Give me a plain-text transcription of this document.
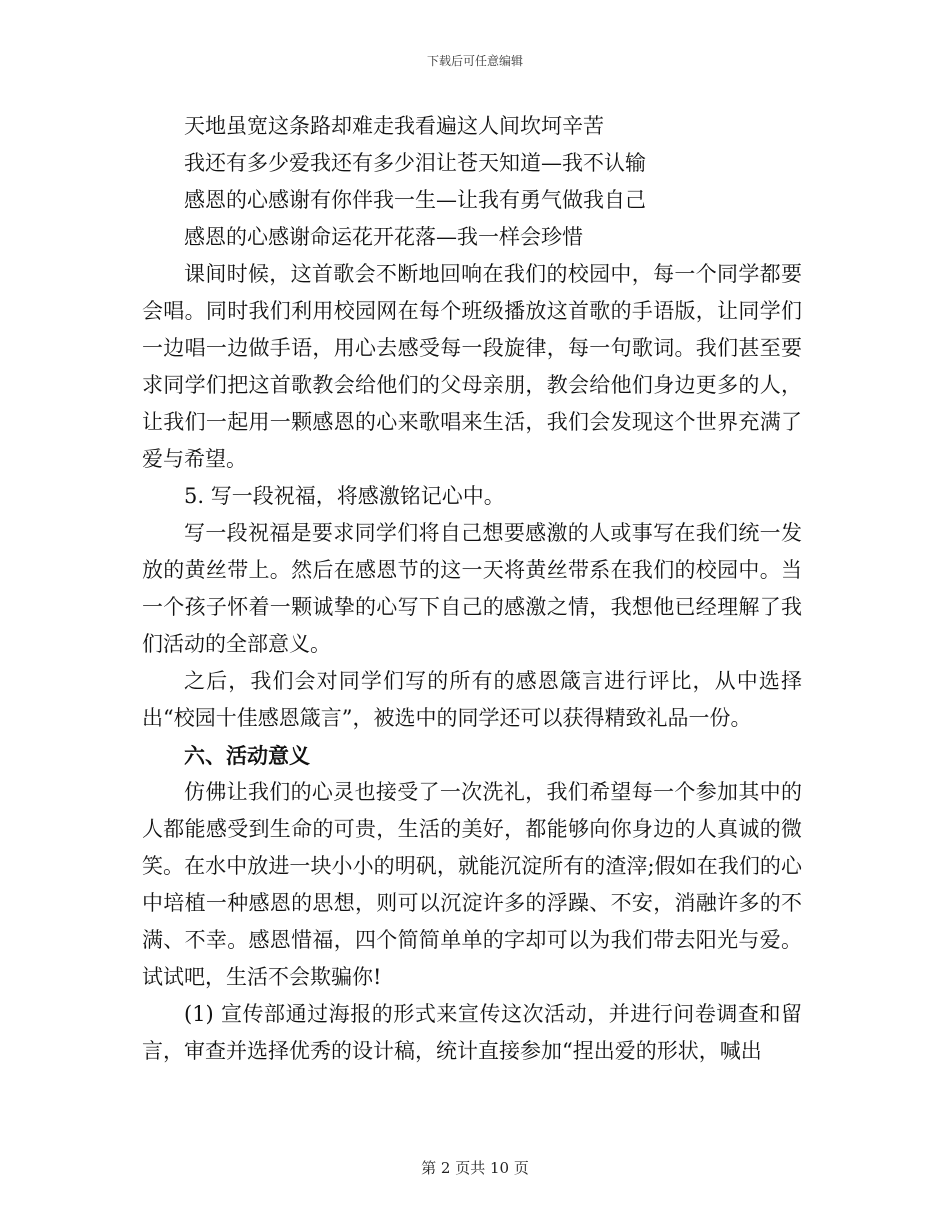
下载后可任意编辑

天地虽宽这条路却难走我看遍这人间坎坷辛苦

我还有多少爱我还有多少泪让苍天知道—我不认输

感恩的心感谢有你伴我一生—让我有勇气做我自己

感恩的心感谢命运花开花落—我一样会珍惜

课间时候，这首歌会不断地回响在我们的校园中，每一个同学都要会唱。同时我们利用校园网在每个班级播放这首歌的手语版，让同学们一边唱一边做手语，用心去感受每一段旋律，每一句歌词。我们甚至要求同学们把这首歌教会给他们的父母亲朋，教会给他们身边更多的人，让我们一起用一颗感恩的心来歌唱来生活，我们会发现这个世界充满了爱与希望。

5. 写一段祝福，将感激铭记心中。

写一段祝福是要求同学们将自己想要感激的人或事写在我们统一发放的黄丝带上。然后在感恩节的这一天将黄丝带系在我们的校园中。当一个孩子怀着一颗诚挚的心写下自己的感激之情，我想他已经理解了我们活动的全部意义。

之后，我们会对同学们写的所有的感恩箴言进行评比，从中选择出“校园十佳感恩箴言”，被选中的同学还可以获得精致礼品一份。

六、活动意义

仿佛让我们的心灵也接受了一次洗礼，我们希望每一个参加其中的人都能感受到生命的可贵，生活的美好，都能够向你身边的人真诚的微笑。在水中放进一块小小的明矾，就能沉淀所有的渣滓;假如在我们的心中培植一种感恩的思想，则可以沉淀许多的浮躁、不安，消融许多的不满、不幸。感恩惜福，四个简简单单的字却可以为我们带去阳光与爱。试试吧，生活不会欺骗你!

(1) 宣传部通过海报的形式来宣传这次活动，并进行问卷调查和留言，审查并选择优秀的设计稿，统计直接参加“捏出爱的形状，喊出

第 2 页共 10 页
